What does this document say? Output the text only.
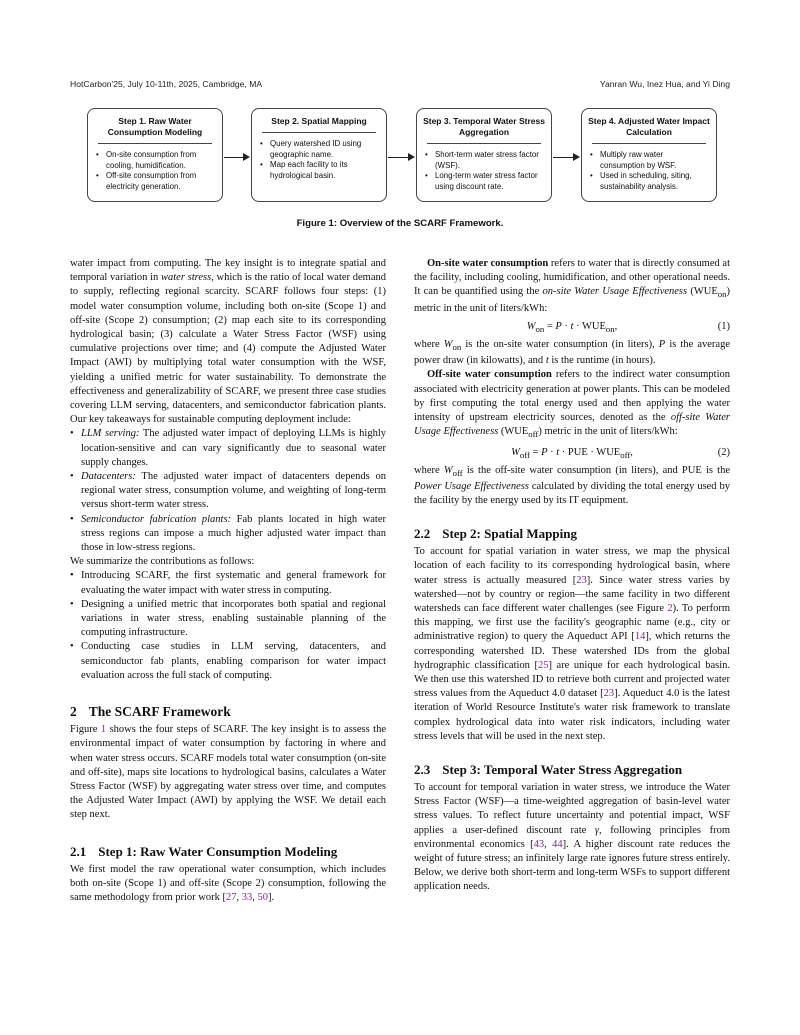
HotCarbon'25, July 10-11th, 2025, Cambridge, MA	Yanran Wu, Inez Hua, and Yi Ding
Step 1. Raw Water Consumption Modeling
• On-site consumption from cooling, humidification.
• Off-site consumption from electricity generation.
Step 2. Spatial Mapping
• Query watershed ID using geographic name.
• Map each facility to its hydrological basin.
Step 3. Temporal Water Stress Aggregation
• Short-term water stress factor (WSF).
• Long-term water stress factor using discount rate.
Step 4. Adjusted Water Impact Calculation
• Multiply raw water consumption by WSF.
• Used in scheduling, siting, sustainability analysis.
Figure 1: Overview of the SCARF Framework.

water impact from computing. The key insight is to integrate spatial and temporal variation in water stress, which is the ratio of local water demand to supply, reflecting regional scarcity. SCARF follows four steps: (1) model water consumption volume, including both on-site (Scope 1) and off-site (Scope 2) consumption; (2) map each site to its corresponding hydrological basin; (3) calculate a Water Stress Factor (WSF) using cumulative projections over time; and (4) compute the Adjusted Water Impact (AWI) by multiplying total water consumption with the WSF, yielding a unified metric for water sustainability. To demonstrate the effectiveness and generalizability of SCARF, we present three case studies covering LLM serving, datacenters, and semiconductor fabrication plants. Our key takeaways for sustainable computing deployment include:

• LLM serving: The adjusted water impact of deploying LLMs is highly location-sensitive and can vary significantly due to seasonal water supply changes.
• Datacenters: The adjusted water impact of datacenters depends on regional water stress, consumption volume, and weighting of long-term versus short-term water stress.
• Semiconductor fabrication plants: Fab plants located in high water stress regions can impose a much higher adjusted water impact than those in low-stress regions.

We summarize the contributions as follows:

• Introducing SCARF, the first systematic and general framework for evaluating the water impact with water stress in computing.
• Designing a unified metric that incorporates both spatial and regional variations in water stress, enabling sustainable planning of the computing infrastructure.
• Conducting case studies in LLM serving, datacenters, and semiconductor fab plants, enabling comparison for water impact evaluation across the full stack of computing.
2 The SCARF Framework

Figure 1 shows the four steps of SCARF. The key insight is to assess the environmental impact of water consumption by factoring in where and when water stress occurs. SCARF models total water consumption (on-site and off-site), maps site locations to hydrological basins, calculates a Water Stress Factor (WSF) by aggregating water stress over time, and computes the Adjusted Water Impact (AWI) by applying the WSF. We detail each step next.

2.1 Step 1: Raw Water Consumption Modeling

We first model the raw operational water consumption, which includes both on-site (Scope 1) and off-site (Scope 2) consumption, following the same methodology from prior work [27, 33, 50].

On-site water consumption refers to water that is directly consumed at the facility, including cooling, humidification, and other operational needs. It can be quantified using the on-site Water Usage Effectiveness $(WUE_{on})$ metric in the unit of liters/kWh:

$W_{on} = P \cdot t \cdot WUE_{on}$,	(1)

where $W_{on}$ is the on-site water consumption (in liters), P is the average power draw (in kilowatts), and t is the runtime (in hours).

Off-site water consumption refers to the indirect water consumption associated with electricity generation at power plants. This can be modeled by first computing the total energy used and then applying the water intensity of upstream electricity sources, denoted as the off-site Water Usage Effectiveness $(WUE_{off})$ metric in the unit of liters/kWh:

$W_{off} = P \cdot t$ · PUE · $WUE_{off}$,	(2)

where $W_{off}$ is the off-site water consumption (in liters), and PUE is the Power Usage Effectiveness calculated by dividing the total energy used by the facility by the energy used by its IT equipment.

2.2 Step 2: Spatial Mapping

To account for spatial variation in water stress, we map the physical location of each facility to its corresponding hydrological basin, where water stress is actually measured [23]. Since water stress varies by watershed—not by country or region—the same facility in two different watersheds can face different water challenges (see Figure 2). To perform this mapping, we first use the facility's geographic name (e.g., city or administrative region) to query the Aqueduct API [14], which returns the corresponding watershed ID. These watershed IDs from the global hydrographic classification [25] are unique for each hydrological basin. We then use this watershed ID to retrieve both current and projected water stress values from the Aqueduct 4.0 dataset [23]. Aqueduct 4.0 is the latest iteration of World Resource Institute's water risk framework to translate complex hydrological data into water risk indicators, including water stress levels that will be used in the next step.

2.3 Step 3: Temporal Water Stress Aggregation

To account for temporal variation in water stress, we introduce the Water Stress Factor (WSF)—a time-weighted aggregation of basin-level water stress values. To reflect future uncertainty and potential impact, WSF applies a user-defined discount rate γ, following principles from environmental economics [43, 44]. A higher discount rate reduces the weight of future stress; an infinitely large rate ignores future stress entirely. Below, we derive both short-term and long-term WSFs to support different application needs.
